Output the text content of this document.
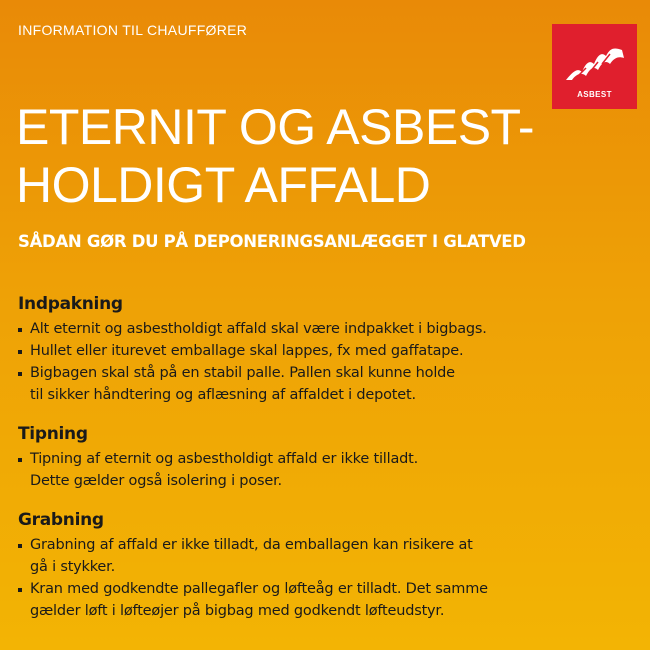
INFORMATION TIL CHAUFFØRER
ASBEST
ETERNIT OG ASBEST-
HOLDIGT AFFALD
SÅDAN GØR DU PÅ DEPONERINGSANLÆGGET I GLATVED
Indpakning
Alt eternit og asbestholdigt affald skal være indpakket i bigbags.
Hullet eller iturevet emballage skal lappes, fx med gaffatape.
Bigbagen skal stå på en stabil palle. Pallen skal kunne holde
til sikker håndtering og aflæsning af affaldet i depotet.
Tipning
Tipning af eternit og asbestholdigt affald er ikke tilladt.
Dette gælder også isolering i poser.
Grabning
Grabning af affald er ikke tilladt, da emballagen kan risikere at
gå i stykker.
Kran med godkendte pallegafler og løfteåg er tilladt. Det samme
gælder løft i løfteøjer på bigbag med godkendt løfteudstyr.
